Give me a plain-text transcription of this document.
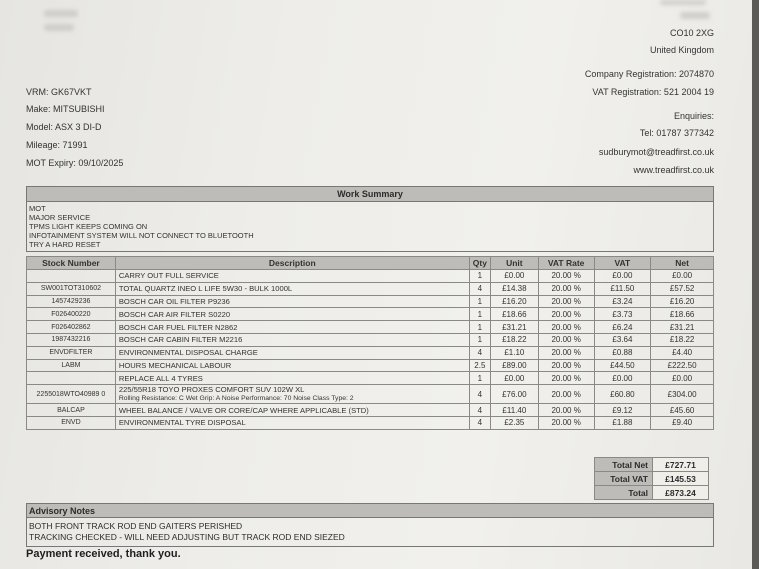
CO10 2XG
United Kingdom
Company Registration: 2074870
VAT Registration: 521 2004 19
Enquiries:
Tel: 01787 377342
sudburymot@treadfirst.co.uk
www.treadfirst.co.uk
VRM: GK67VKT
Make: MITSUBISHI
Model: ASX 3 DI-D
Mileage: 71991
MOT Expiry: 09/10/2025
Work Summary
MOT
MAJOR SERVICE
TPMS LIGHT KEEPS COMING ON
INFOTAINMENT SYSTEM WILL NOT CONNECT TO BLUETOOTH
TRY A HARD RESET
Stock Number	Description	Qty	Unit	VAT Rate	VAT	Net
	CARRY OUT FULL SERVICE	1	£0.00	20.00 %	£0.00	£0.00
SW001TOT310602	TOTAL QUARTZ INEO L LIFE 5W30 - BULK 1000L	4	£14.38	20.00 %	£11.50	£57.52
1457429236	BOSCH CAR OIL FILTER P9236	1	£16.20	20.00 %	£3.24	£16.20
F026400220	BOSCH CAR AIR FILTER S0220	1	£18.66	20.00 %	£3.73	£18.66
F026402862	BOSCH CAR FUEL FILTER N2862	1	£31.21	20.00 %	£6.24	£31.21
1987432216	BOSCH CAR CABIN FILTER M2216	1	£18.22	20.00 %	£3.64	£18.22
ENVDFILTER	ENVIRONMENTAL DISPOSAL CHARGE	4	£1.10	20.00 %	£0.88	£4.40
LABM	HOURS MECHANICAL LABOUR	2.5	£89.00	20.00 %	£44.50	£222.50
	REPLACE ALL 4 TYRES	1	£0.00	20.00 %	£0.00	£0.00
2255018WTO40989 0	225/55R18 TOYO PROXES COMFORT SUV 102W XL
Rolling Resistance: C Wet Grip: A Noise Performance: 70 Noise Class Type: 2	4	£76.00	20.00 %	£60.80	£304.00
BALCAP	WHEEL BALANCE / VALVE OR CORE/CAP WHERE APPLICABLE (STD)	4	£11.40	20.00 %	£9.12	£45.60
ENVD	ENVIRONMENTAL TYRE DISPOSAL	4	£2.35	20.00 %	£1.88	£9.40
Total Net	£727.71
Total VAT	£145.53
Total	£873.24
Advisory Notes
BOTH FRONT TRACK ROD END GAITERS PERISHED
TRACKING CHECKED - WILL NEED ADJUSTING BUT TRACK ROD END SIEZED
Payment received, thank you.
